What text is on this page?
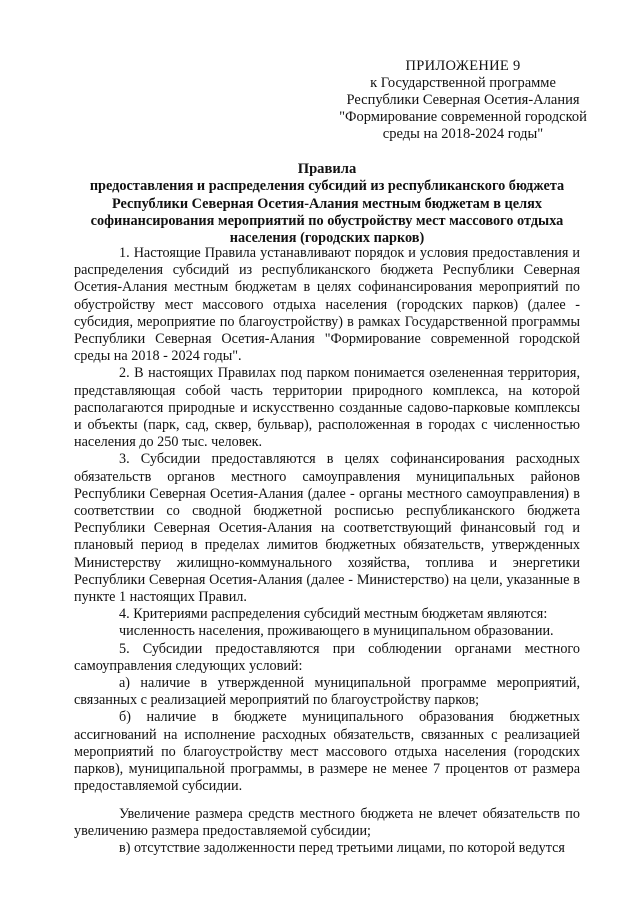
ПРИЛОЖЕНИЕ 9
к Государственной программе
Республики Северная Осетия-Алания
"Формирование современной городской
среды на 2018-2024 годы"
Правила
предоставления и распределения субсидий из республиканского бюджета
Республики Северная Осетия-Алания местным бюджетам в целях
софинансирования мероприятий по обустройству мест массового отдыха
населения (городских парков)

1. Настоящие Правила устанавливают порядок и условия предоставления и распределения субсидий из республиканского бюджета Республики Северная Осетия-Алания местным бюджетам в целях софинансирования мероприятий по обустройству мест массового отдыха населения (городских парков) (далее - субсидия, мероприятие по благоустройству) в рамках Государственной программы Республики Северная Осетия-Алания "Формирование современной городской среды на 2018 - 2024 годы".

2. В настоящих Правилах под парком понимается озелененная территория, представляющая собой часть территории природного комплекса, на которой располагаются природные и искусственно созданные садово-парковые комплексы и объекты (парк, сад, сквер, бульвар), расположенная в городах с численностью населения до 250 тыс. человек.

3. Субсидии предоставляются в целях софинансирования расходных обязательств органов местного самоуправления муниципальных районов Республики Северная Осетия-Алания (далее - органы местного самоуправления) в соответствии со сводной бюджетной росписью республиканского бюджета Республики Северная Осетия-Алания на соответствующий финансовый год и плановый период в пределах лимитов бюджетных обязательств, утвержденных Министерству жилищно-коммунального хозяйства, топлива и энергетики Республики Северная Осетия-Алания (далее - Министерство) на цели, указанные в пункте 1 настоящих Правил.

4. Критериями распределения субсидий местным бюджетам являются:

численность населения, проживающего в муниципальном образовании.

5. Субсидии предоставляются при соблюдении органами местного самоуправления следующих условий:

а) наличие в утвержденной муниципальной программе мероприятий, связанных с реализацией мероприятий по благоустройству парков;

б) наличие в бюджете муниципального образования бюджетных ассигнований на исполнение расходных обязательств, связанных с реализацией мероприятий по благоустройству мест массового отдыха населения (городских парков), муниципальной программы, в размере не менее 7 процентов от размера предоставляемой субсидии.

Увеличение размера средств местного бюджета не влечет обязательств по увеличению размера предоставляемой субсидии;

в) отсутствие задолженности перед третьими лицами, по которой ведутся
